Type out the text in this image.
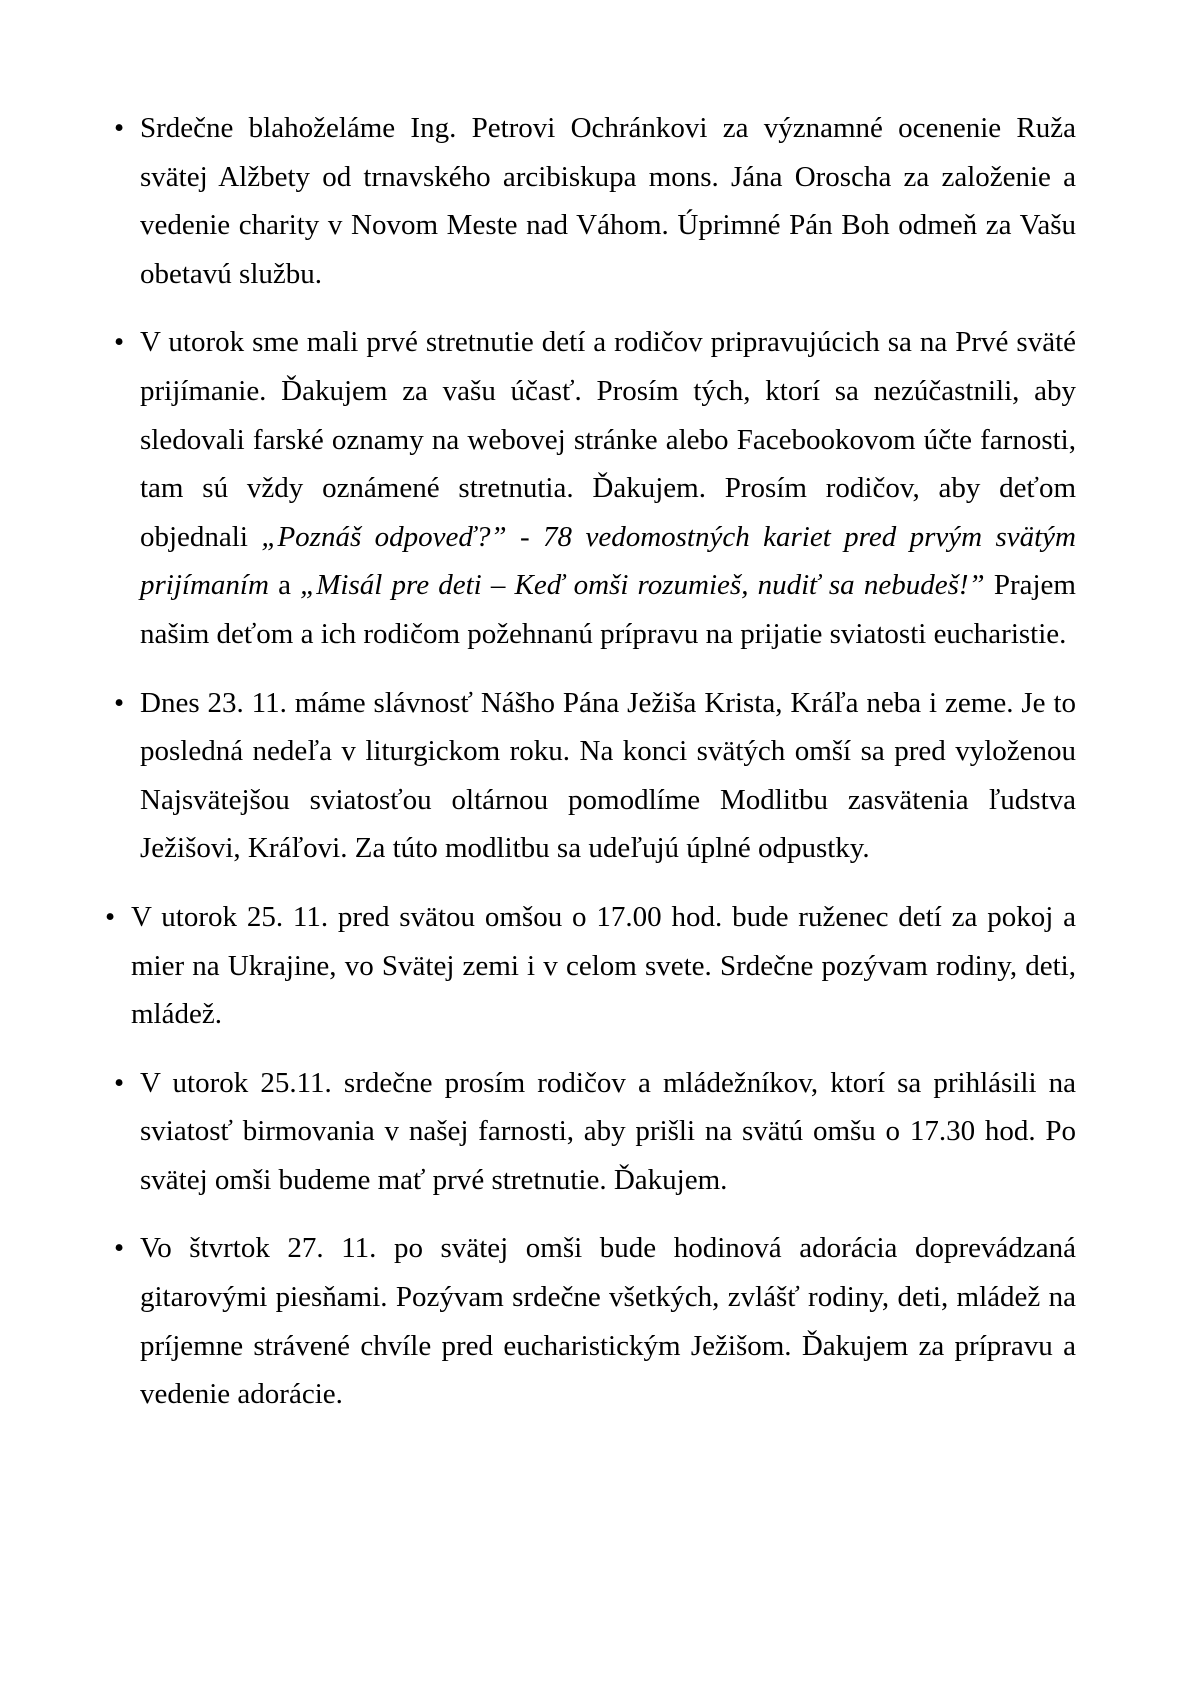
• Srdečne blahoželáme Ing. Petrovi Ochránkovi za významné ocenenie Ruža svätej Alžbety od trnavského arcibiskupa mons. Jána Oroscha za založenie a vedenie charity v Novom Meste nad Váhom. Úprimné Pán Boh odmeň za Vašu obetavú službu.
• V utorok sme mali prvé stretnutie detí a rodičov pripravujúcich sa na Prvé sväté prijímanie. Ďakujem za vašu účasť. Prosím tých, ktorí sa nezúčastnili, aby sledovali farské oznamy na webovej stránke alebo Facebookovom účte farnosti, tam sú vždy oznámené stretnutia. Ďakujem. Prosím rodičov, aby deťom objednali „Poznáš odpoveď?” - 78 vedomostných kariet pred prvým svätým prijímaním a „Misál pre deti – Keď omši rozumieš, nudiť sa nebudeš!” Prajem našim deťom a ich rodičom požehnanú prípravu na prijatie sviatosti eucharistie.
• Dnes 23. 11. máme slávnosť Nášho Pána Ježiša Krista, Kráľa neba i zeme. Je to posledná nedeľa v liturgickom roku. Na konci svätých omší sa pred vyloženou Najsvätejšou sviatosťou oltárnou pomodlíme Modlitbu zasvätenia ľudstva Ježišovi, Kráľovi. Za túto modlitbu sa udeľujú úplné odpustky.
• V utorok 25. 11. pred svätou omšou o 17.00 hod. bude ruženec detí za pokoj a mier na Ukrajine, vo Svätej zemi i v celom svete. Srdečne pozývam rodiny, deti, mládež.
• V utorok 25.11. srdečne prosím rodičov a mládežníkov, ktorí sa prihlásili na sviatosť birmovania v našej farnosti, aby prišli na svätú omšu o 17.30 hod. Po svätej omši budeme mať prvé stretnutie. Ďakujem.
• Vo štvrtok 27. 11. po svätej omši bude hodinová adorácia doprevádzaná gitarovými piesňami. Pozývam srdečne všetkých, zvlášť rodiny, deti, mládež na príjemne strávené chvíle pred eucharistickým Ježišom. Ďakujem za prípravu a vedenie adorácie.
